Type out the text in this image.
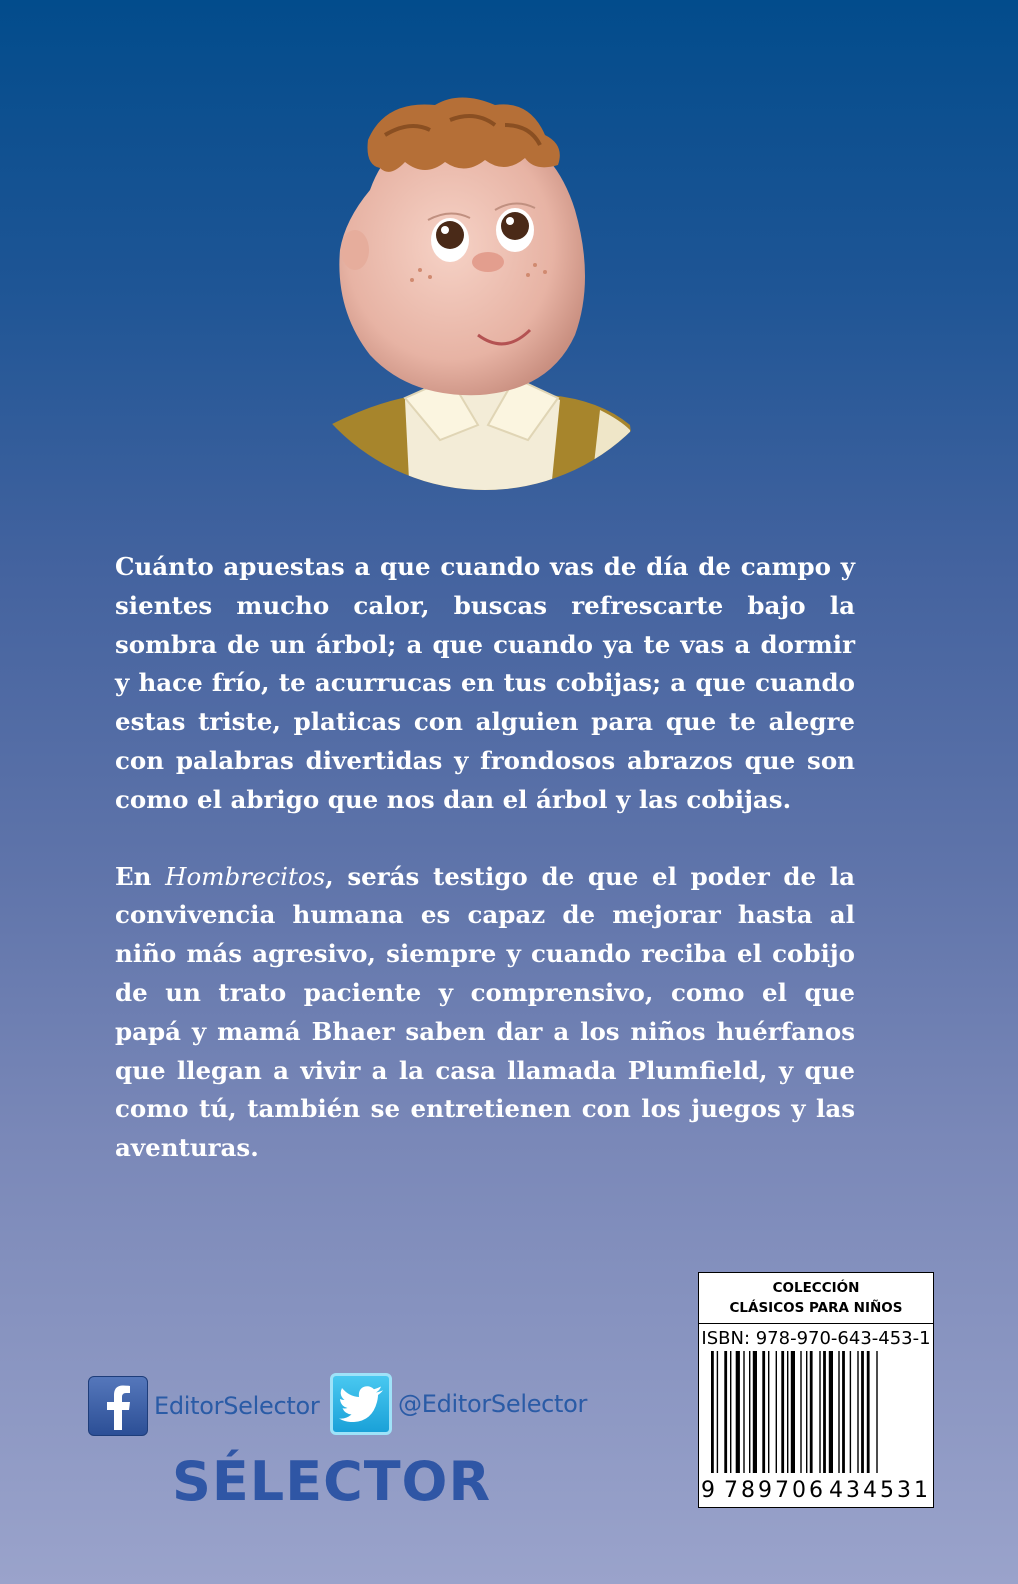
Cuánto apuestas a que cuando vas de día de campo y sientes mucho calor, buscas refrescarte bajo la sombra de un árbol; a que cuando ya te vas a dormir y hace frío, te acurrucas en tus cobijas; a que cuando estas triste, platicas con alguien para que te alegre con palabras divertidas y frondosos abrazos que son como el abrigo que nos dan el árbol y las cobijas.

En Hombrecitos, serás testigo de que el poder de la convivencia humana es capaz de mejorar hasta al niño más agresivo, siempre y cuando reciba el cobijo de un trato paciente y comprensivo, como el que papá y mamá Bhaer saben dar a los niños huérfanos que llegan a vivir a la casa llamada Plumfield, y que como tú, también se entretienen con los juegos y las aventuras.

EditorSelector	@EditorSelector
SÉLECTOR
COLECCIÓN
CLÁSICOS PARA NIÑOS
ISBN: 978-970-643-453-1
9 789706 434531
